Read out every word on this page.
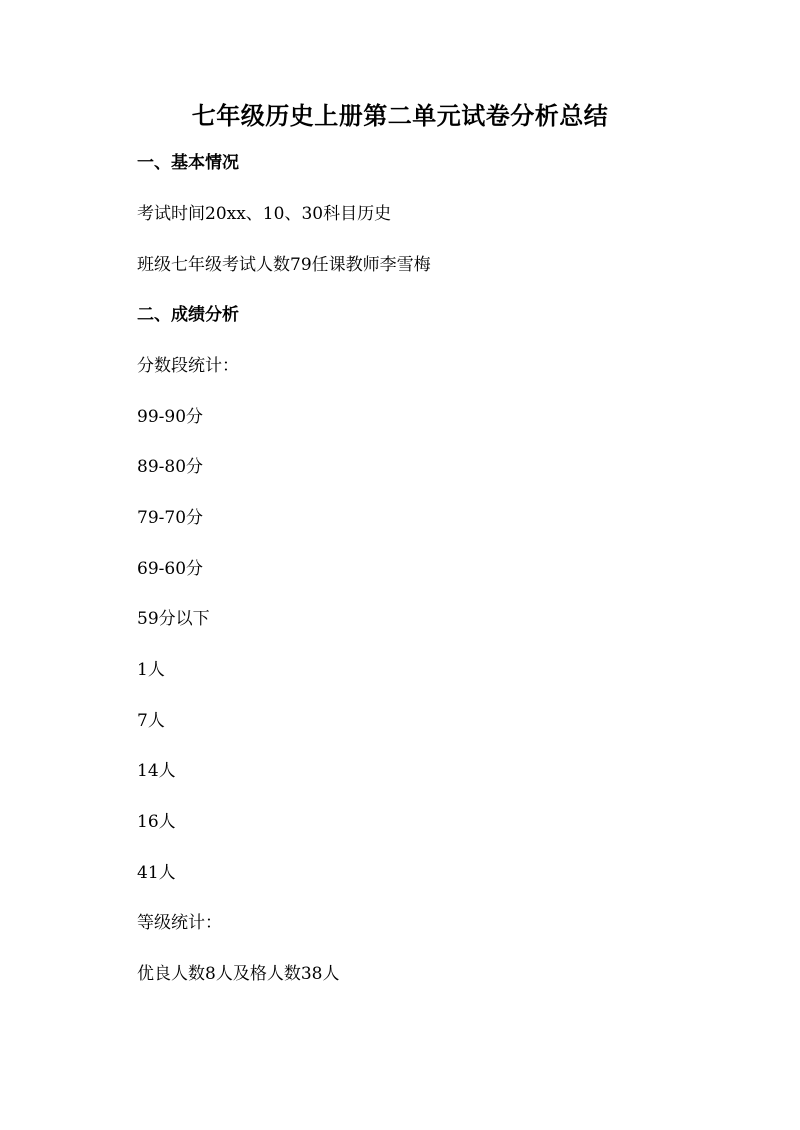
七年级历史上册第二单元试卷分析总结

一、基本情况

考试时间20xx、10、30科目历史

班级七年级考试人数79任课教师李雪梅

二、成绩分析

分数段统计：

99-90分

89-80分

79-70分

69-60分

59分以下

1人

7人

14人

16人

41人

等级统计：

优良人数8人及格人数38人
